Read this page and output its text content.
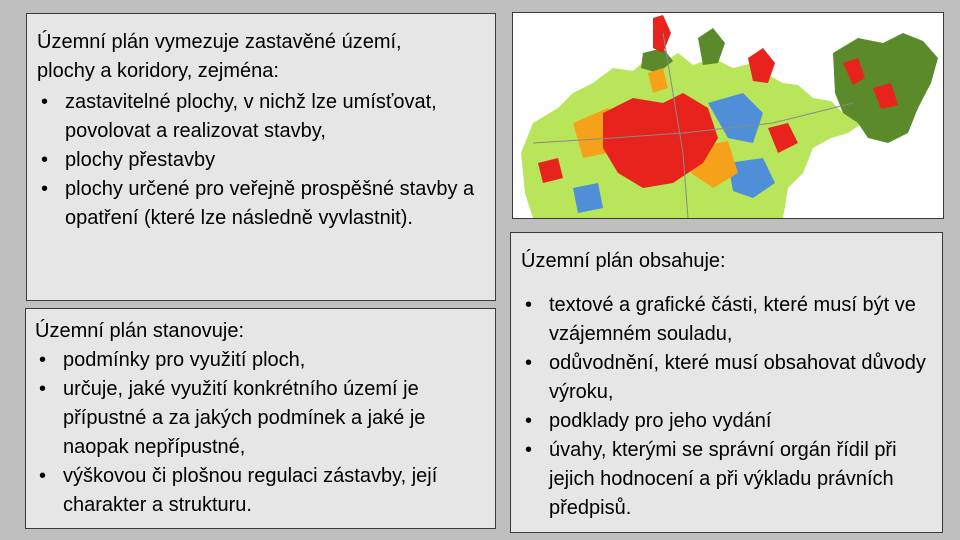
Územní plán vymezuje zastavěné území,
plochy a koridory, zejména:

• zastavitelné plochy, v nichž lze umísťovat, povolovat a realizovat stavby,
• plochy přestavby
• plochy určené pro veřejně prospěšné stavby a opatření (které lze následně vyvlastnit).

Územní plán stanovuje:

• podmínky pro využití ploch,
• určuje, jaké využití konkrétního území je přípustné a za jakých podmínek a jaké je naopak nepřípustné,
• výškovou či plošnou regulaci zástavby, její charakter a strukturu.

Územní plán obsahuje:

• textové a grafické části, které musí být ve vzájemném souladu,
• odůvodnění, které musí obsahovat důvody výroku,
• podklady pro jeho vydání
• úvahy, kterými se správní orgán řídil při jejich hodnocení a při výkladu právních předpisů.
